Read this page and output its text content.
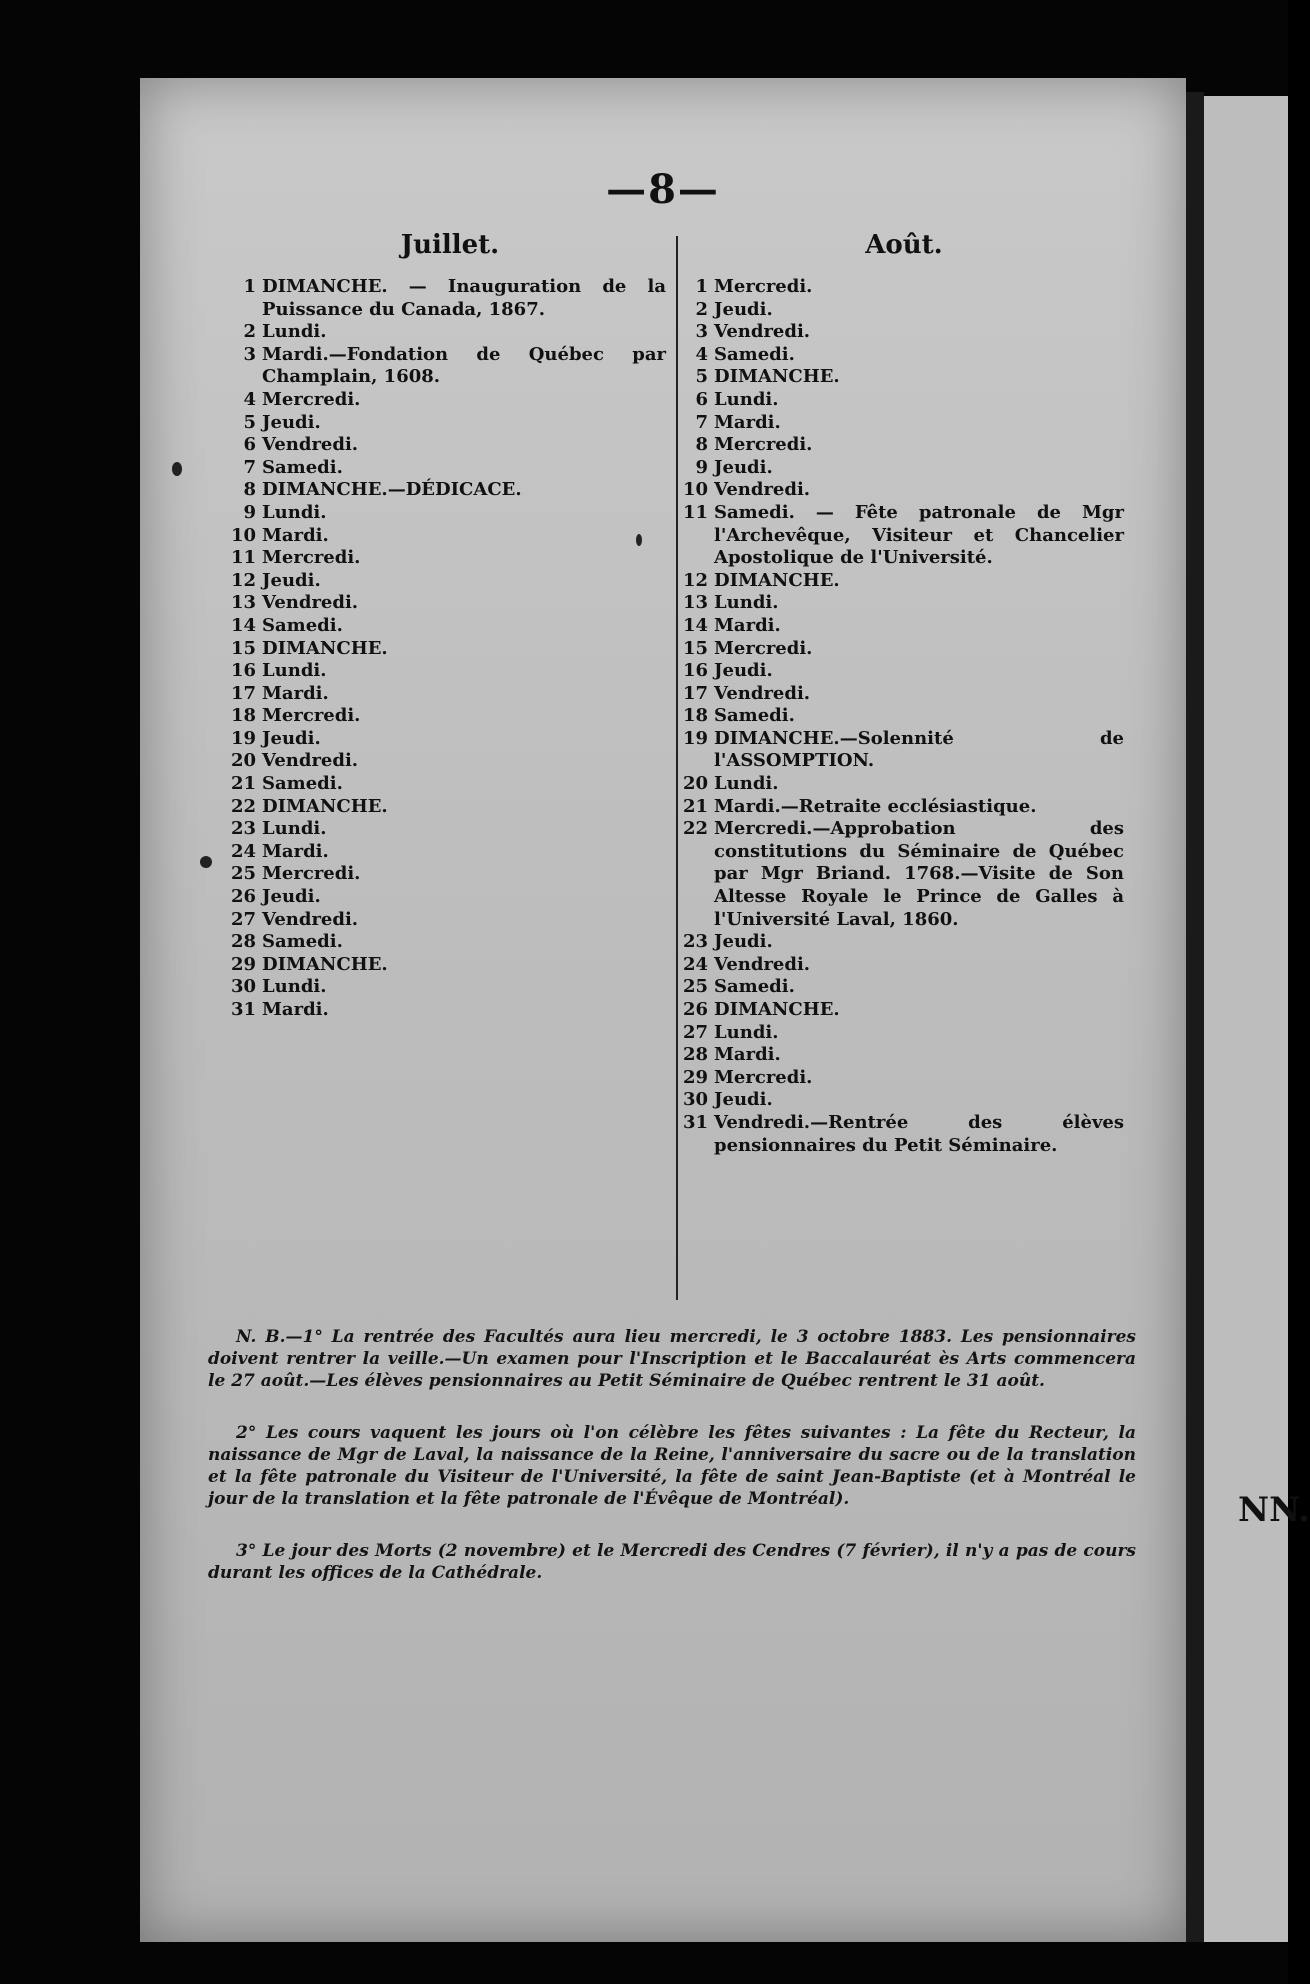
—8—
Juillet.	Août.
1 DIMANCHE. — Inauguration de la Puissance du Canada, 1867.
2 Lundi.
3 Mardi.—Fondation de Québec par Champlain, 1608.
4 Mercredi.
5 Jeudi.
6 Vendredi.
7 Samedi.
8 DIMANCHE.—DÉDICACE.
9 Lundi.
10 Mardi.
11 Mercredi.
12 Jeudi.
13 Vendredi.
14 Samedi.
15 DIMANCHE.
16 Lundi.
17 Mardi.
18 Mercredi.
19 Jeudi.
20 Vendredi.
21 Samedi.
22 DIMANCHE.
23 Lundi.
24 Mardi.
25 Mercredi.
26 Jeudi.
27 Vendredi.
28 Samedi.
29 DIMANCHE.
30 Lundi.
31 Mardi.
1 Mercredi.
2 Jeudi.
3 Vendredi.
4 Samedi.
5 DIMANCHE.
6 Lundi.
7 Mardi.
8 Mercredi.
9 Jeudi.
10 Vendredi.
11 Samedi. — Fête patronale de Mgr l'Archevêque, Visiteur et Chancelier Apostolique de l'Université.
12 DIMANCHE.
13 Lundi.
14 Mardi.
15 Mercredi.
16 Jeudi.
17 Vendredi.
18 Samedi.
19 DIMANCHE.—Solennité de l'ASSOMPTION.
20 Lundi.
21 Mardi.—Retraite ecclésiastique.
22 Mercredi.—Approbation des constitutions du Séminaire de Québec par Mgr Briand. 1768.—Visite de Son Altesse Royale le Prince de Galles à l'Université Laval, 1860.
23 Jeudi.
24 Vendredi.
25 Samedi.
26 DIMANCHE.
27 Lundi.
28 Mardi.
29 Mercredi.
30 Jeudi.
31 Vendredi.—Rentrée des élèves pensionnaires du Petit Séminaire.

N. B.—1° La rentrée des Facultés aura lieu mercredi, le 3 octobre 1883. Les pensionnaires doivent rentrer la veille.—Un examen pour l'Inscription et le Baccalauréat ès Arts commencera le 27 août.—Les élèves pensionnaires au Petit Séminaire de Québec rentrent le 31 août.

2° Les cours vaquent les jours où l'on célèbre les fêtes suivantes : La fête du Recteur, la naissance de Mgr de Laval, la naissance de la Reine, l'anniversaire du sacre ou de la translation et la fête patronale du Visiteur de l'Université, la fête de saint Jean-Baptiste (et à Montréal le jour de la translation et la fête patronale de l'Évêque de Montréal).

3° Le jour des Morts (2 novembre) et le Mercredi des Cendres (7 février), il n'y a pas de cours durant les offices de la Cathédrale.

NN.
